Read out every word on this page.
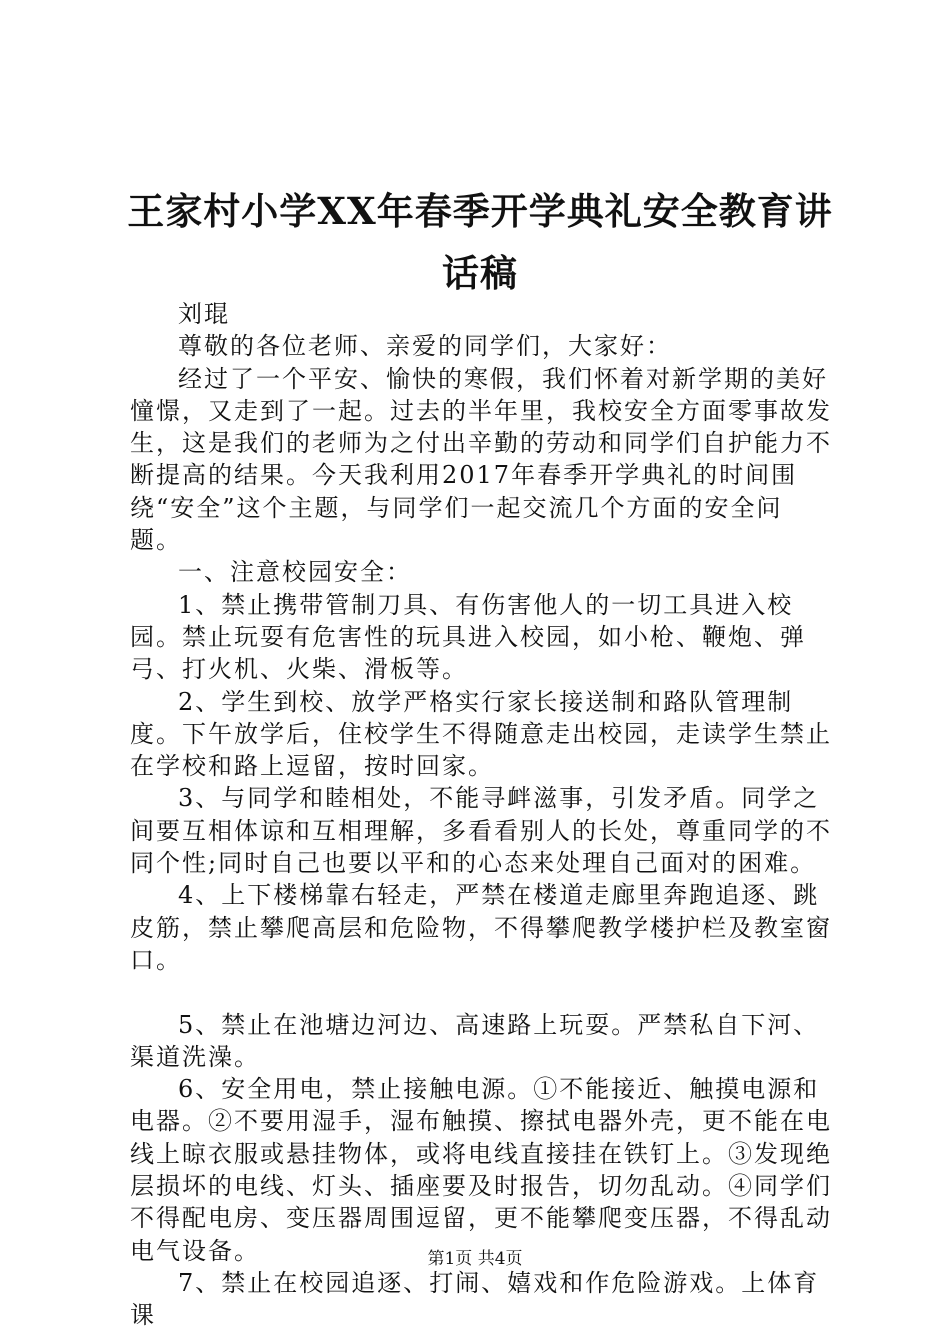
王家村小学XX年春季开学典礼安全教育讲话稿

刘琨

尊敬的各位老师、亲爱的同学们，大家好：

经过了一个平安、愉快的寒假，我们怀着对新学期的美好憧憬，又走到了一起。过去的半年里，我校安全方面零事故发生，这是我们的老师为之付出辛勤的劳动和同学们自护能力不断提高的结果。今天我利用2017年春季开学典礼的时间围绕“安全”这个主题，与同学们一起交流几个方面的安全问题。

一、注意校园安全：

1、禁止携带管制刀具、有伤害他人的一切工具进入校园。禁止玩耍有危害性的玩具进入校园，如小枪、鞭炮、弹弓、打火机、火柴、滑板等。

2、学生到校、放学严格实行家长接送制和路队管理制度。下午放学后，住校学生不得随意走出校园，走读学生禁止在学校和路上逗留，按时回家。

3、与同学和睦相处，不能寻衅滋事，引发矛盾。同学之间要互相体谅和互相理解，多看看别人的长处，尊重同学的不同个性;同时自己也要以平和的心态来处理自己面对的困难。

4、上下楼梯靠右轻走，严禁在楼道走廊里奔跑追逐、跳皮筋，禁止攀爬高层和危险物，不得攀爬教学楼护栏及教室窗口。

5、禁止在池塘边河边、高速路上玩耍。严禁私自下河、渠道洗澡。

6、安全用电，禁止接触电源。①不能接近、触摸电源和电器。②不要用湿手，湿布触摸、擦拭电器外壳，更不能在电线上晾衣服或悬挂物体，或将电线直接挂在铁钉上。③发现绝层损坏的电线、灯头、插座要及时报告，切勿乱动。④同学们不得配电房、变压器周围逗留，更不能攀爬变压器，不得乱动电气设备。

7、禁止在校园追逐、打闹、嬉戏和作危险游戏。上体育课

第1页 共4页
